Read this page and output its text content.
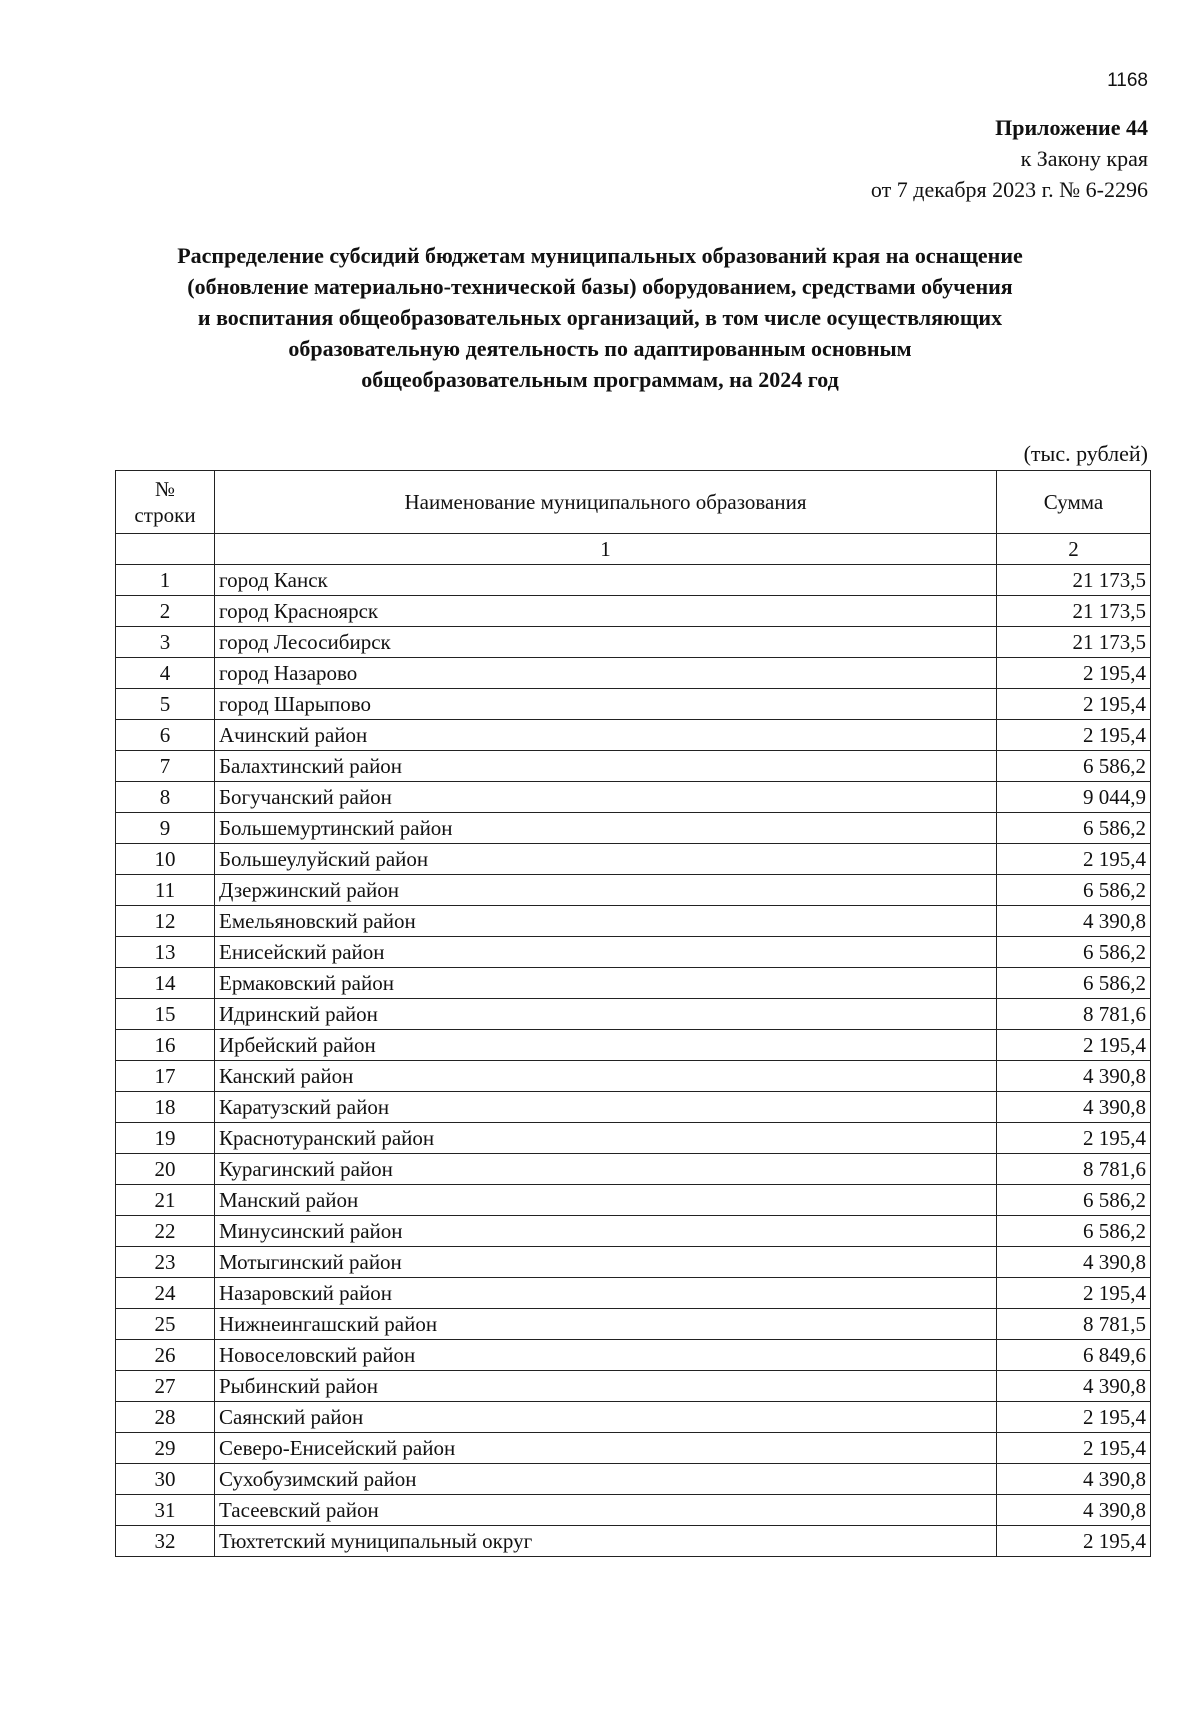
1168
Приложение 44
к Закону края
от 7 декабря 2023 г. № 6-2296
Распределение субсидий бюджетам муниципальных образований края на оснащение
(обновление материально-технической базы) оборудованием, средствами обучения
и воспитания общеобразовательных организаций, в том числе осуществляющих
образовательную деятельность по адаптированным основным
общеобразовательным программам, на 2024 год
(тыс. рублей)
№
строки	Наименование муниципального образования	Сумма
	1	2
1	город Канск	21 173,5
2	город Красноярск	21 173,5
3	город Лесосибирск	21 173,5
4	город Назарово	2 195,4
5	город Шарыпово	2 195,4
6	Ачинский район	2 195,4
7	Балахтинский район	6 586,2
8	Богучанский район	9 044,9
9	Большемуртинский район	6 586,2
10	Большеулуйский район	2 195,4
11	Дзержинский район	6 586,2
12	Емельяновский район	4 390,8
13	Енисейский район	6 586,2
14	Ермаковский район	6 586,2
15	Идринский район	8 781,6
16	Ирбейский район	2 195,4
17	Канский район	4 390,8
18	Каратузский район	4 390,8
19	Краснотуранский район	2 195,4
20	Курагинский район	8 781,6
21	Манский район	6 586,2
22	Минусинский район	6 586,2
23	Мотыгинский район	4 390,8
24	Назаровский район	2 195,4
25	Нижнеингашский район	8 781,5
26	Новоселовский район	6 849,6
27	Рыбинский район	4 390,8
28	Саянский район	2 195,4
29	Северо-Енисейский район	2 195,4
30	Сухобузимский район	4 390,8
31	Тасеевский район	4 390,8
32	Тюхтетский муниципальный округ	2 195,4
